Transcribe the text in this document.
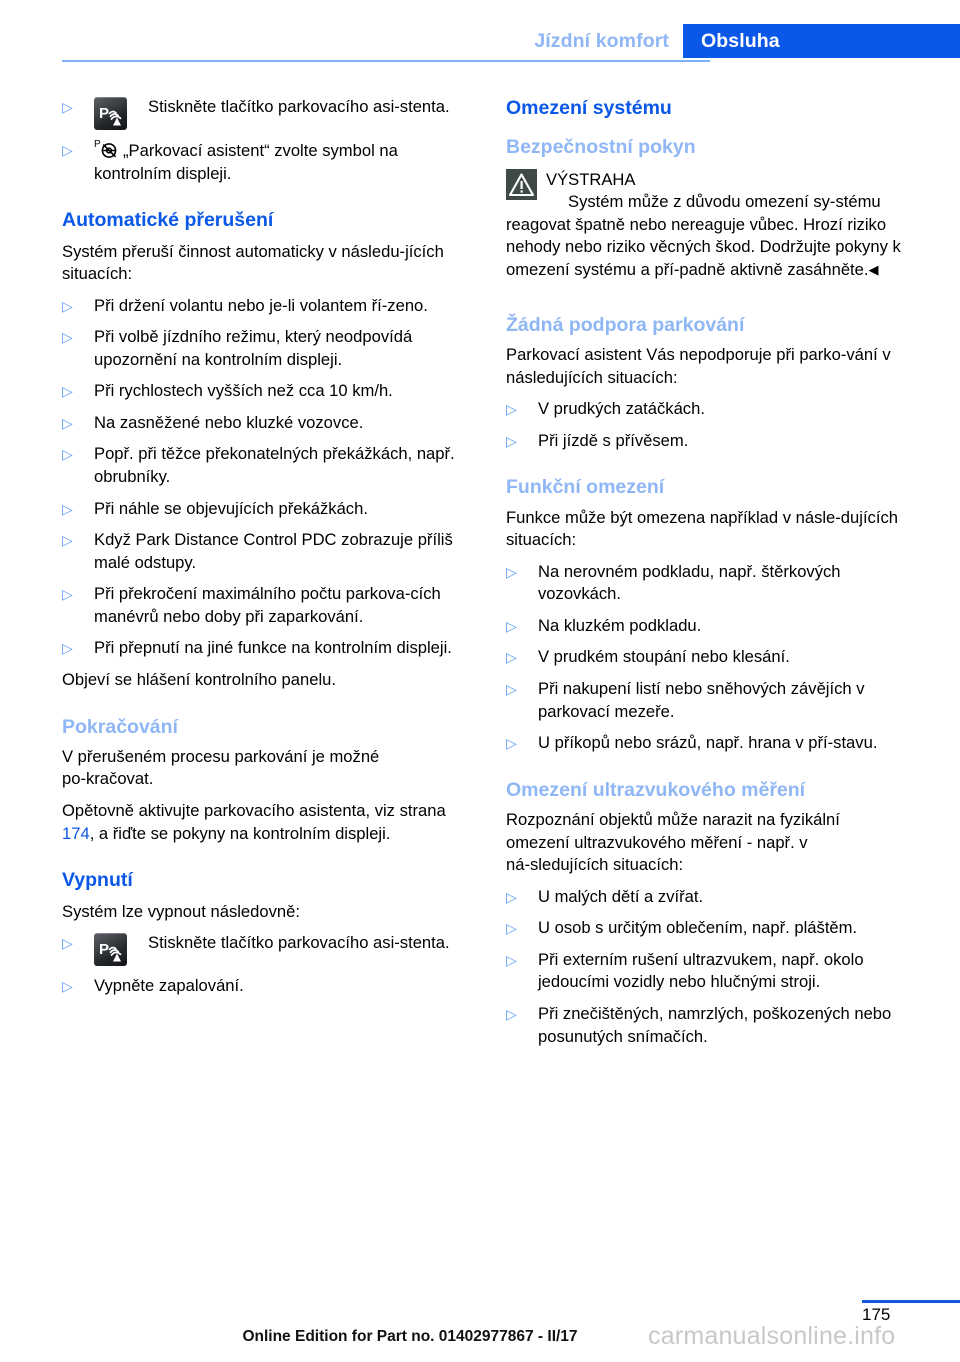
Jízdní komfort Obsluha
▷	P Stiskněte tlačítko parkovacího asi‑stenta.
▷	P „Parkovací asistent“ zvolte symbol na kontrolním displeji.
Automatické přerušení

Systém přeruší činnost automaticky v následu‑jících situacích:

▷	Při držení volantu nebo je‑li volantem ří‑zeno.
▷	Při volbě jízdního režimu, který neodpovídá upozornění na kontrolním displeji.
▷	Při rychlostech vyšších než cca 10 km/h.
▷	Na zasněžené nebo kluzké vozovce.
▷	Popř. při těžce překonatelných překážkách, např. obrubníky.
▷	Při náhle se objevujících překážkách.
▷	Když Park Distance Control PDC zobrazuje příliš malé odstupy.
▷	Při překročení maximálního počtu parkova‑cích manévrů nebo doby při zaparkování.
▷	Při přepnutí na jiné funkce na kontrolním displeji.

Objeví se hlášení kontrolního panelu.

Pokračování

V přerušeném procesu parkování je možné po‑kračovat.

Opětovně aktivujte parkovacího asistenta, viz strana 174, a řiďte se pokyny na kontrolním displeji.

Vypnutí

Systém lze vypnout následovně:

▷	P Stiskněte tlačítko parkovacího asi‑stenta.
▷	Vypněte zapalování.
Omezení systému
Bezpečnostní pokyn

VÝSTRAHA

Systém může z důvodu omezení sy‑stému reagovat špatně nebo nereaguje vůbec. Hrozí riziko nehody nebo riziko věcných škod. Dodržujte pokyny k omezení systému a pří‑padně aktivně zasáhněte.◀

Žádná podpora parkování

Parkovací asistent Vás nepodporuje při parko‑vání v následujících situacích:

▷	V prudkých zatáčkách.
▷	Při jízdě s přívěsem.
Funkční omezení

Funkce může být omezena například v násle‑dujících situacích:

▷	Na nerovném podkladu, např. štěrkových vozovkách.
▷	Na kluzkém podkladu.
▷	V prudkém stoupání nebo klesání.
▷	Při nakupení listí nebo sněhových závějích v parkovací mezeře.
▷	U příkopů nebo srázů, např. hrana v pří‑stavu.
Omezení ultrazvukového měření

Rozpoznání objektů může narazit na fyzikální omezení ultrazvukového měření ‑ např. v ná‑sledujících situacích:

▷	U malých dětí a zvířat.
▷	U osob s určitým oblečením, např. pláštěm.
▷	Při externím rušení ultrazvukem, např. okolo jedoucími vozidly nebo hlučnými stroji.
▷	Při znečištěných, namrzlých, poškozených nebo posunutých snímačích.
175
Online Edition for Part no. 01402977867 - II/17	carmanualsonline.info
